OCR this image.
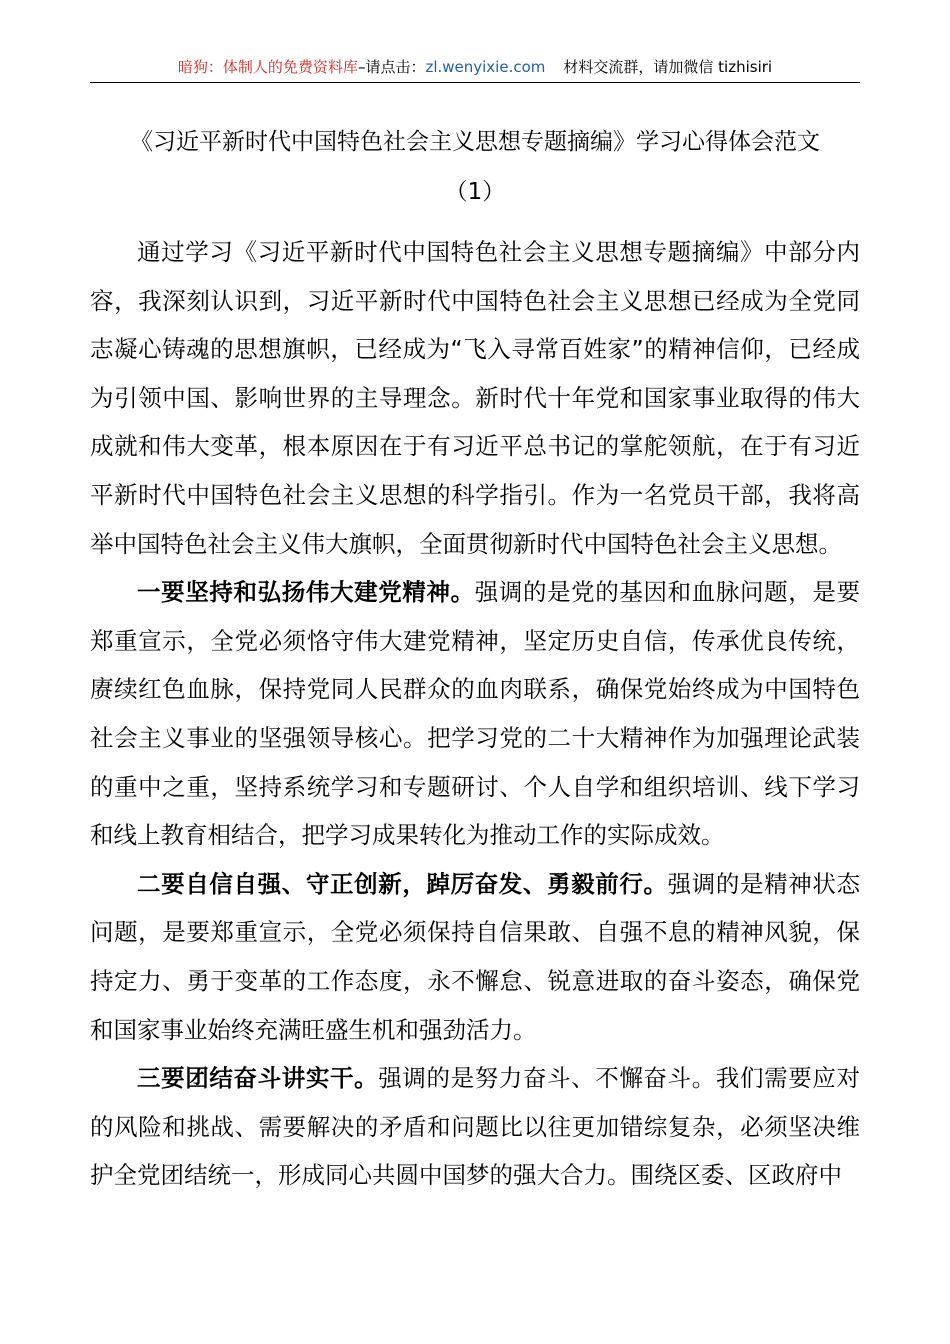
暗狗：体制人的免费资料库–请点击：zl.wenyixie.com 材料交流群，请加微信 tizhisiri
《习近平新时代中国特色社会主义思想专题摘编》学习心得体会范文
（1）

通过学习《习近平新时代中国特色社会主义思想专题摘编》中部分内容，我深刻认识到，习近平新时代中国特色社会主义思想已经成为全党同志凝心铸魂的思想旗帜，已经成为“飞入寻常百姓家”的精神信仰，已经成为引领中国、影响世界的主导理念。新时代十年党和国家事业取得的伟大成就和伟大变革，根本原因在于有习近平总书记的掌舵领航，在于有习近平新时代中国特色社会主义思想的科学指引。作为一名党员干部，我将高举中国特色社会主义伟大旗帜，全面贯彻新时代中国特色社会主义思想。

一要坚持和弘扬伟大建党精神。强调的是党的基因和血脉问题，是要郑重宣示，全党必须恪守伟大建党精神，坚定历史自信，传承优良传统，赓续红色血脉，保持党同人民群众的血肉联系，确保党始终成为中国特色社会主义事业的坚强领导核心。把学习党的二十大精神作为加强理论武装的重中之重，坚持系统学习和专题研讨、个人自学和组织培训、线下学习和线上教育相结合，把学习成果转化为推动工作的实际成效。

二要自信自强、守正创新，踔厉奋发、勇毅前行。强调的是精神状态问题，是要郑重宣示，全党必须保持自信果敢、自强不息的精神风貌，保持定力、勇于变革的工作态度，永不懈怠、锐意进取的奋斗姿态，确保党和国家事业始终充满旺盛生机和强劲活力。

三要团结奋斗讲实干。强调的是努力奋斗、不懈奋斗。我们需要应对的风险和挑战、需要解决的矛盾和问题比以往更加错综复杂，必须坚决维护全党团结统一，形成同心共圆中国梦的强大合力。围绕区委、区政府中
